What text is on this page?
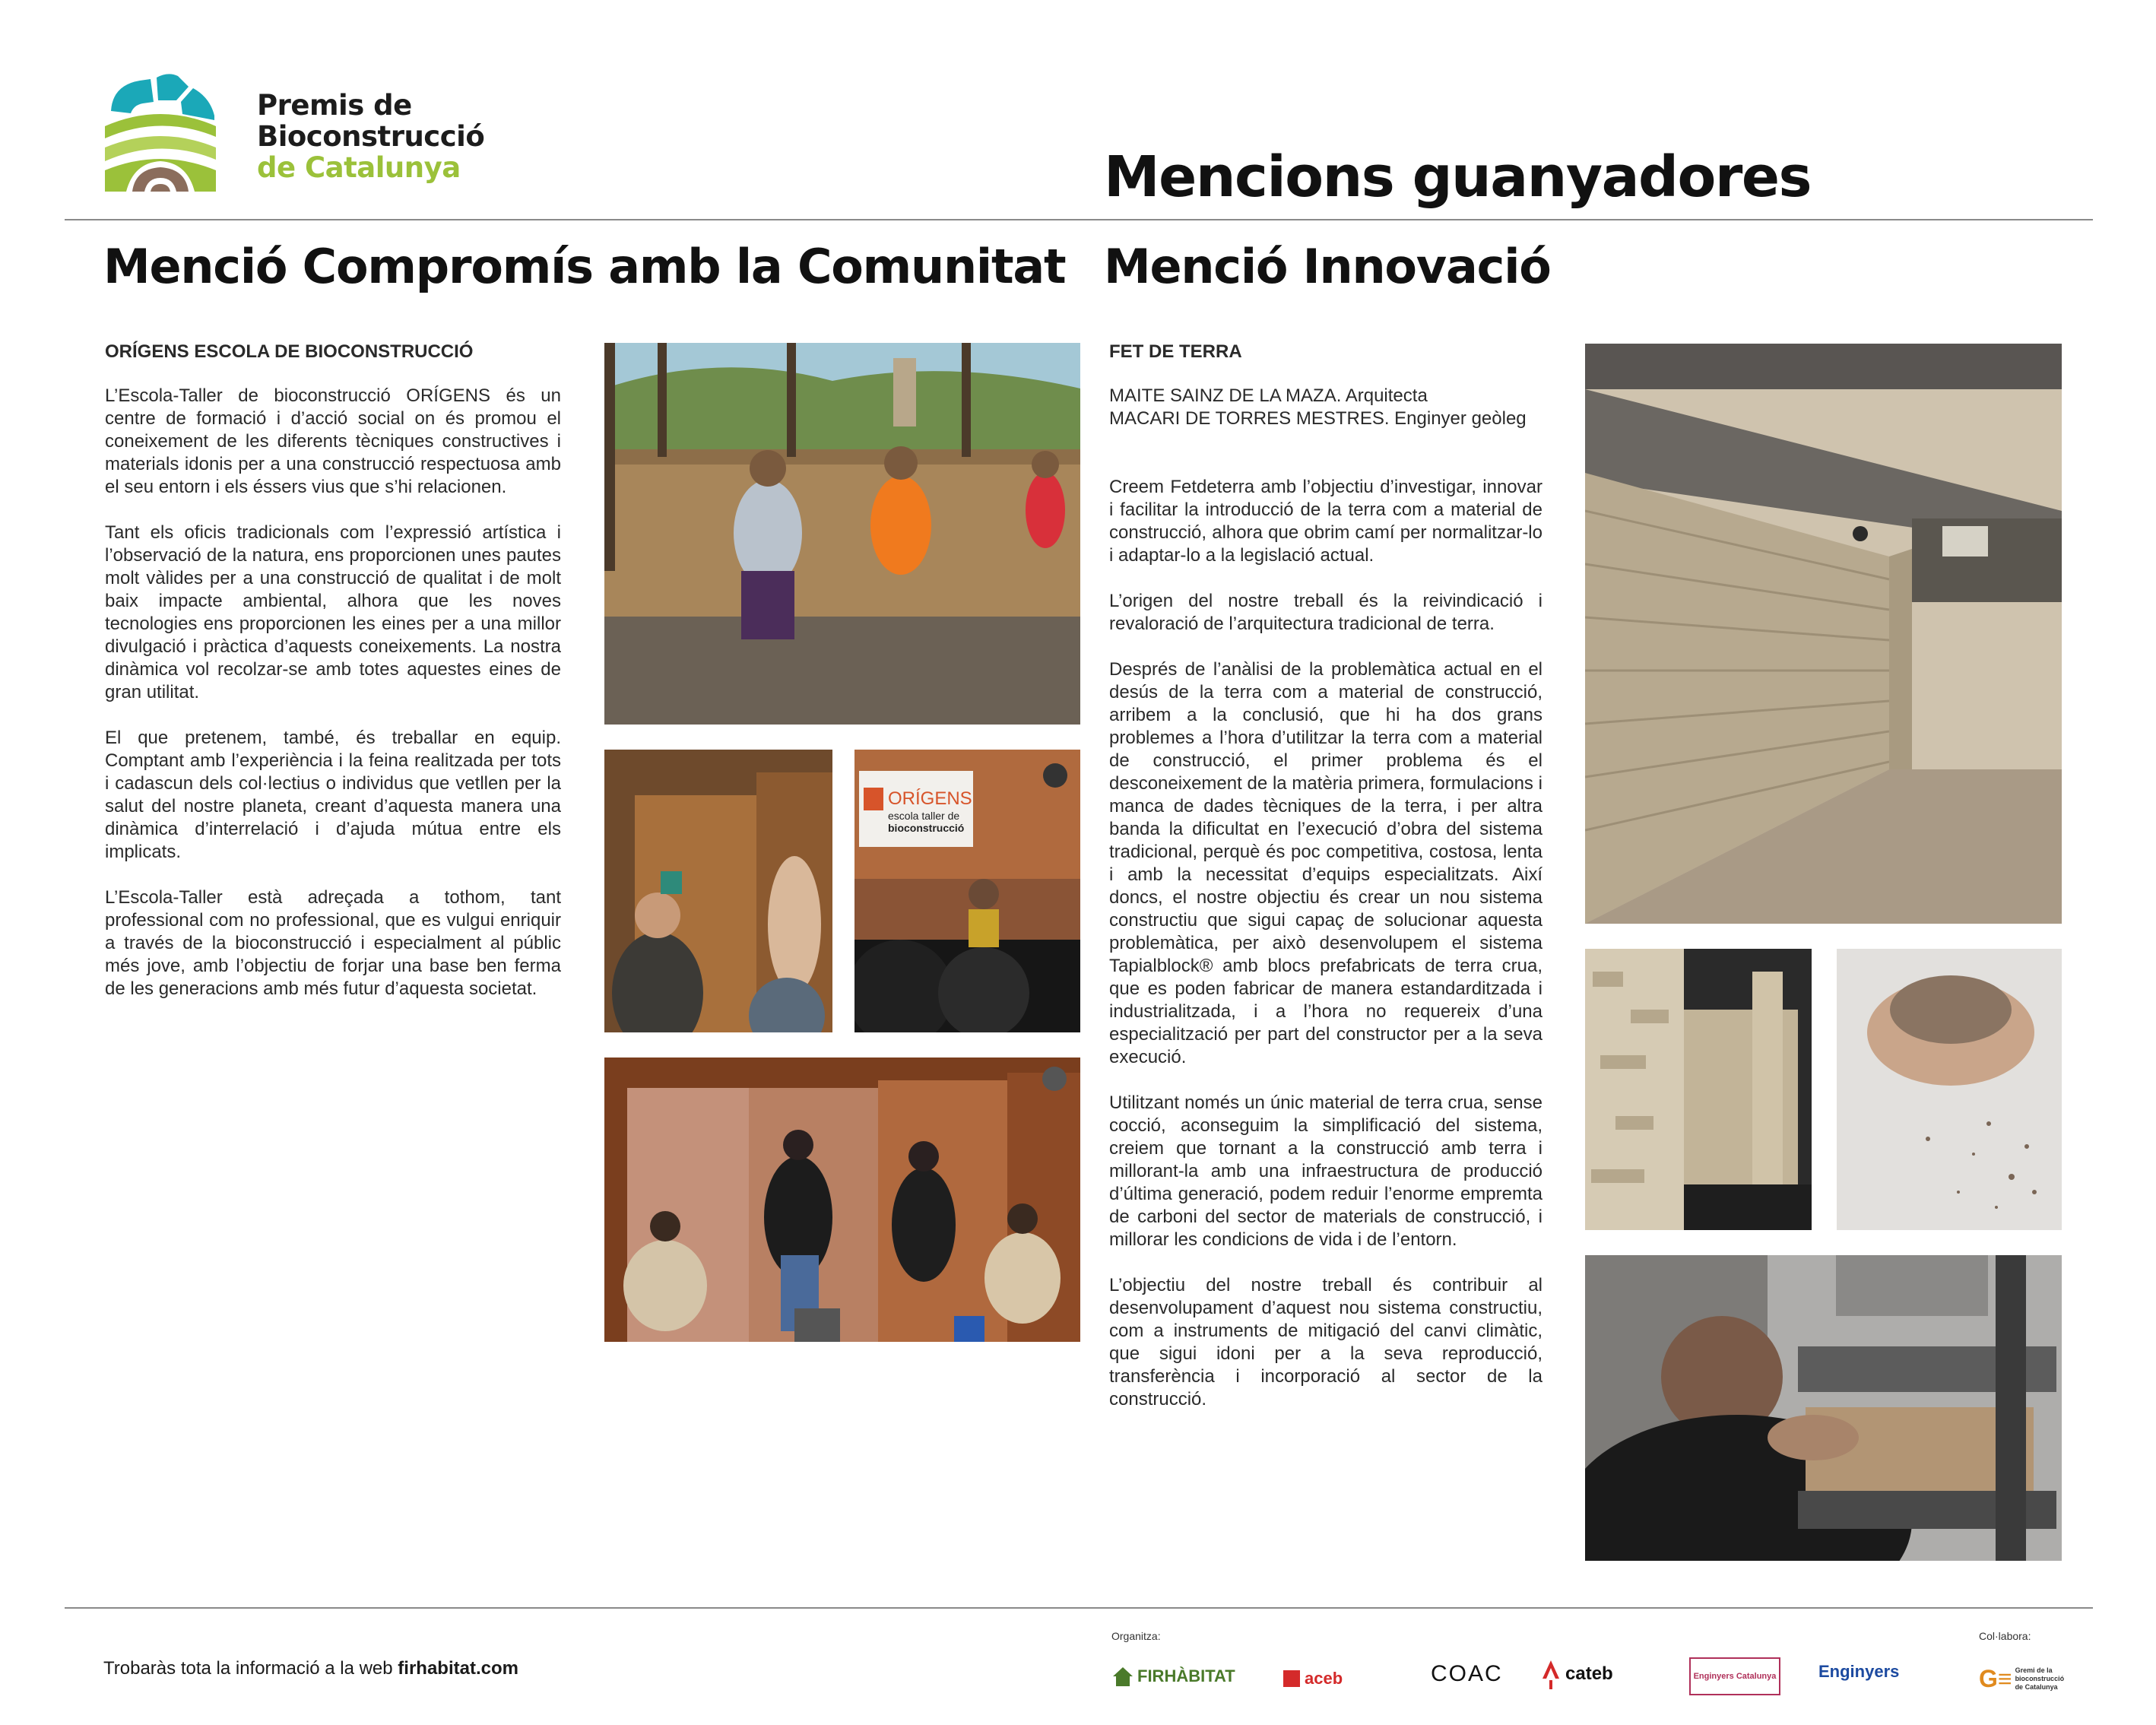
Premis de
Bioconstrucció
de Catalunya	Mencions guanyadores
Menció Compromís amb la Comunitat Menció Innovació
ORÍGENS ESCOLA DE BIOCONSTRUCCIÓ

L’Escola-Taller de bioconstrucció ORÍGENS és un centre de formació i d’acció social on és promou el coneixement de les diferents tècniques constructives i materials idonis per a una construcció respectuosa amb el seu entorn i els éssers vius que s’hi relacionen.

Tant els oficis tradicionals com l’expressió artística i l’observació de la natura, ens proporcionen unes pautes molt vàlides per a una construcció de qualitat i de molt baix impacte ambiental, alhora que les noves tecnologies ens proporcionen les eines per a una millor divulgació i pràctica d’aquests coneixements. La nostra dinàmica vol recolzar-se amb totes aquestes eines de gran utilitat.

El que pretenem, també, és treballar en equip. Comptant amb l’experiència i la feina realitzada per tots i cadascun dels col·lectius o individus que vetllen per la salut del nostre planeta, creant d’aquesta manera una dinàmica d’interrelació i d’ajuda mútua entre els implicats.

L’Escola-Taller està adreçada a tothom, tant professional com no professional, que es vulgui enriquir a través de la bioconstrucció i especialment al públic més jove, amb l’objectiu de forjar una base ben ferma de les generacions amb més futur d’aquesta societat.

ORÍGENS
escola taller de
bioconstrucció
FET DE TERRA
MAITE SAINZ DE LA MAZA. Arquitecta
MACARI DE TORRES MESTRES. Enginyer geòleg

Creem Fetdeterra amb l’objectiu d’investigar, innovar i facilitar la introducció de la terra com a material de construcció, alhora que obrim camí per normalitzar-lo i adaptar-lo a la legislació actual.

L’origen del nostre treball és la reivindicació i revaloració de l’arquitectura tradicional de terra.

Després de l’anàlisi de la problemàtica actual en el desús de la terra com a material de construcció, arribem a la conclusió, que hi ha dos grans problemes a l’hora d’utilitzar la terra com a material de construcció, el primer problema és el desconeixement de la matèria primera, formulacions i manca de dades tècniques de la terra, i per altra banda la dificultat en l’execució d’obra del sistema tradicional, perquè és poc competitiva, costosa, lenta i amb la necessitat d’equips especialitzats. Així doncs, el nostre objectiu és crear un nou sistema constructiu que sigui capaç de solucionar aquesta problemàtica, per això desenvolupem el sistema Tapialblock® amb blocs prefabricats de terra crua, que es poden fabricar de manera estandarditzada i industrialitzada, i a l’hora no requereix d’una especialització per part del constructor per a la seva execució.

Utilitzant només un únic material de terra crua, sense cocció, aconseguim la simplificació del sistema, creiem que tornant a la construcció amb terra i millorant-la amb una infraestructura de producció d’última generació, podem reduir l’enorme empremta de carboni del sector de materials de construcció, i millorar les condicions de vida i de l’entorn.

L’objectiu del nostre treball és contribuir al desenvolupament d’aquest nou sistema constructiu, com a instruments de mitigació del canvi climàtic, que sigui idoni per a la seva reproducció, transferència i incorporació al sector de la construcció.

Trobaràs tota la informació a la web firhabitat.com
Organitza:	Col·labora:
FIRHÀBITAT	aceb	COAC	cateb	Enginyers Catalunya	Enginyers	G≡ Gremi de la bioconstrucció de Catalunya
